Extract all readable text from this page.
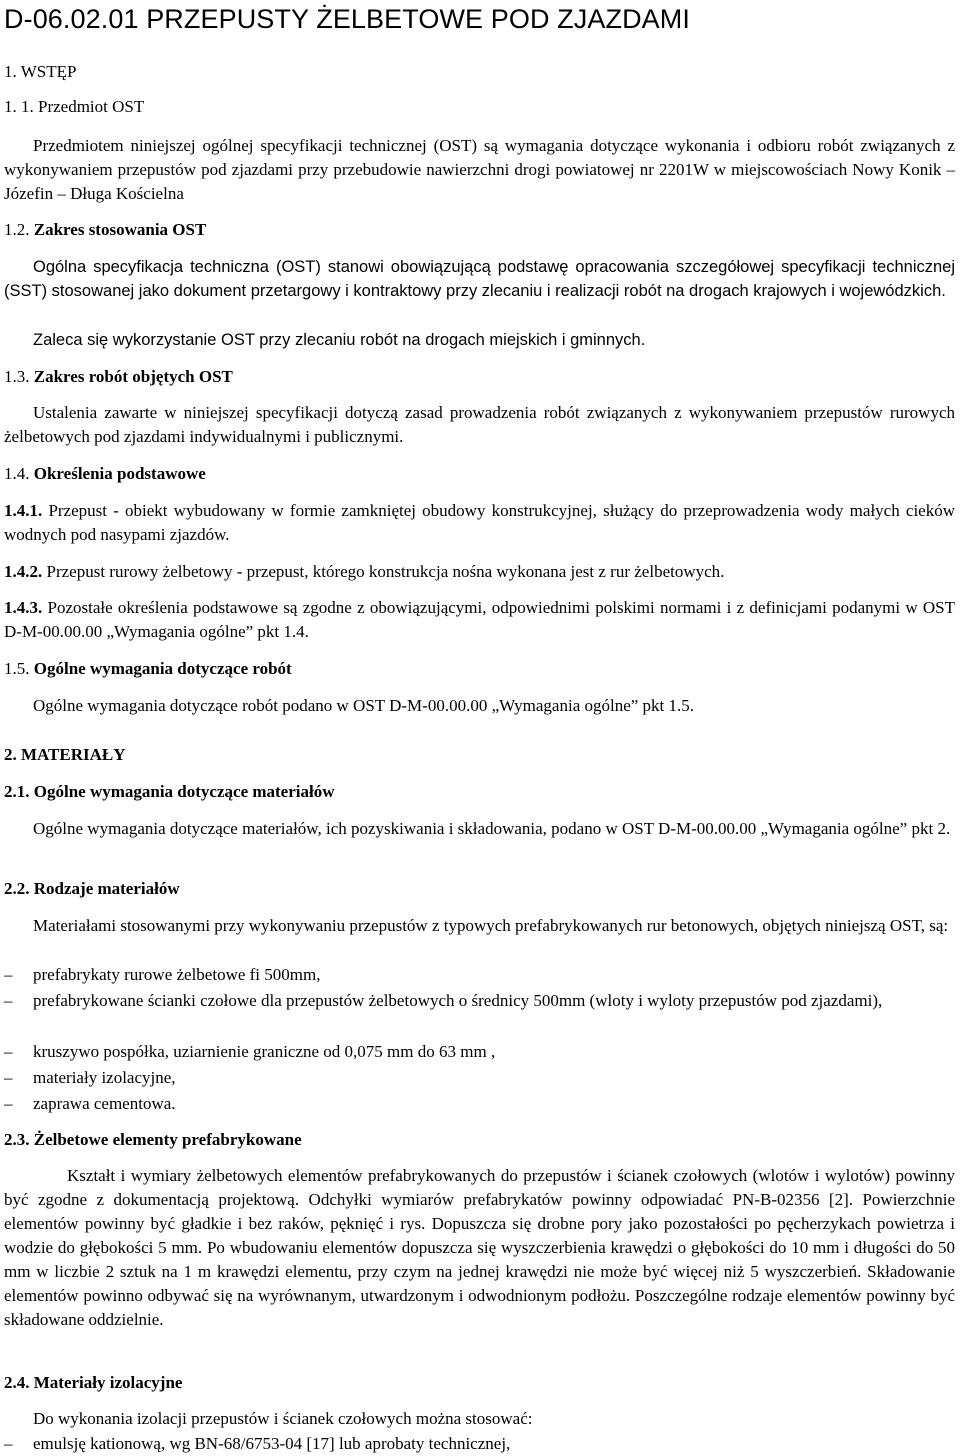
D-06.02.01 PRZEPUSTY ŻELBETOWE POD ZJAZDAMI
1. WSTĘP
1. 1. Przedmiot OST
Przedmiotem niniejszej ogólnej specyfikacji technicznej (OST) są wymagania dotyczące wykonania i odbioru robót związanych z wykonywaniem przepustów pod zjazdami przy przebudowie nawierzchni drogi powiatowej nr 2201W w miejscowościach Nowy Konik – Józefin – Długa Kościelna
1.2. Zakres stosowania OST
Ogólna specyfikacja techniczna (OST) stanowi obowiązującą podstawę opracowania szczegółowej specyfikacji technicznej (SST) stosowanej jako dokument przetargowy i kontraktowy przy zlecaniu i realizacji robót na drogach krajowych i wojewódzkich.
Zaleca się wykorzystanie OST przy zlecaniu robót na drogach miejskich i gminnych.
1.3. Zakres robót objętych OST
Ustalenia zawarte w niniejszej specyfikacji dotyczą zasad prowadzenia robót związanych z wykonywaniem przepustów rurowych żelbetowych pod zjazdami indywidualnymi i publicznymi.
1.4. Określenia podstawowe
1.4.1. Przepust - obiekt wybudowany w formie zamkniętej obudowy konstrukcyjnej, służący do przeprowadzenia wody małych cieków wodnych pod nasypami zjazdów.
1.4.2. Przepust rurowy żelbetowy - przepust, którego konstrukcja nośna wykonana jest z rur żelbetowych.
1.4.3. Pozostałe określenia podstawowe są zgodne z obowiązującymi, odpowiednimi polskimi normami i z definicjami podanymi w OST D-M-00.00.00 „Wymagania ogólne” pkt 1.4.
1.5. Ogólne wymagania dotyczące robót
Ogólne wymagania dotyczące robót podano w OST D-M-00.00.00 „Wymagania ogólne” pkt 1.5.
2. MATERIAŁY
2.1. Ogólne wymagania dotyczące materiałów
Ogólne wymagania dotyczące materiałów, ich pozyskiwania i składowania, podano w OST D-M-00.00.00 „Wymagania ogólne” pkt 2.
2.2. Rodzaje materiałów
Materiałami stosowanymi przy wykonywaniu przepustów z typowych prefabrykowanych rur betonowych, objętych niniejszą OST, są:
– prefabrykaty rurowe żelbetowe fi 500mm,
– prefabrykowane ścianki czołowe dla przepustów żelbetowych o średnicy 500mm (wloty i wyloty przepustów pod zjazdami),
– kruszywo pospółka, uziarnienie graniczne od 0,075 mm do 63 mm ,
– materiały izolacyjne,
– zaprawa cementowa.
2.3. Żelbetowe elementy prefabrykowane
Kształt i wymiary żelbetowych elementów prefabrykowanych do przepustów i ścianek czołowych (wlotów i wylotów) powinny być zgodne z dokumentacją projektową. Odchyłki wymiarów prefabrykatów powinny odpowiadać PN-B-02356 [2]. Powierzchnie elementów powinny być gładkie i bez raków, pęknięć i rys. Dopuszcza się drobne pory jako pozostałości po pęcherzykach powietrza i wodzie do głębokości 5 mm. Po wbudowaniu elementów dopuszcza się wyszczerbienia krawędzi o głębokości do 10 mm i długości do 50 mm w liczbie 2 sztuk na 1 m krawędzi elementu, przy czym na jednej krawędzi nie może być więcej niż 5 wyszczerbień. Składowanie elementów powinno odbywać się na wyrównanym, utwardzonym i odwodnionym podłożu. Poszczególne rodzaje elementów powinny być składowane oddzielnie.
2.4. Materiały izolacyjne
Do wykonania izolacji przepustów i ścianek czołowych można stosować:
– emulsję kationową, wg BN-68/6753-04 [17] lub aprobaty technicznej,
